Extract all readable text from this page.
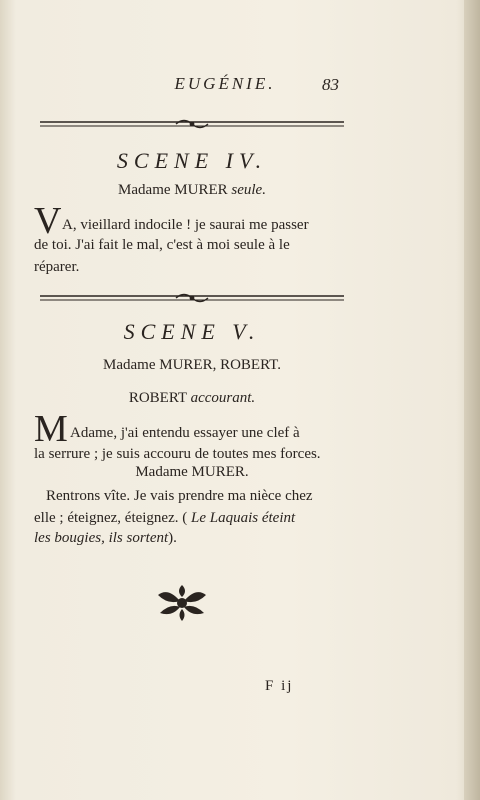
EUGÉNIE.	83
SCENE IV.
Madame MURER seule.
V A, vieillard indocile ! je saurai me passer
de toi. J'ai fait le mal, c'est à moi seule à le
réparer.
SCENE V.
Madame MURER, ROBERT.
ROBERT accourant.
M Adame, j'ai entendu essayer une clef à
la serrure ; je suis accouru de toutes mes forces.
Madame MURER.
Rentrons vîte. Je vais prendre ma nièce chez
elle ; éteignez, éteignez. ( Le Laquais éteint
les bougies, ils sortent).
F ij
